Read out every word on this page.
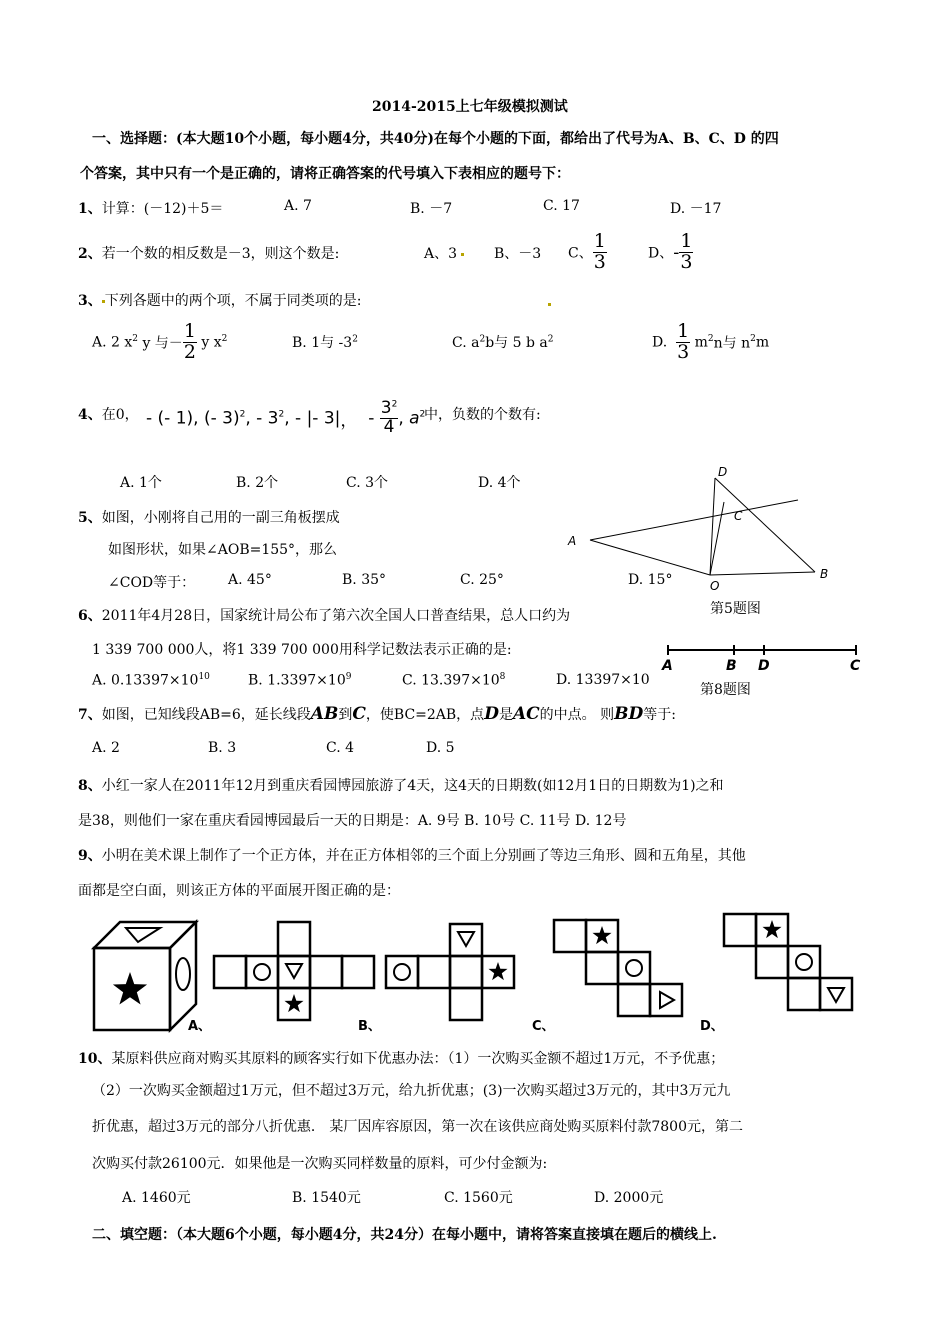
2014-2015上七年级模拟测试
一、选择题：(本大题10个小题，每小题4分，共40分)在每个小题的下面，都给出了代号为A、B、C、D 的四
个答案，其中只有一个是正确的，请将正确答案的代号填入下表相应的题号下：
1、计算：(－12)＋5＝	A. 7	B. －7	C. 17	D. －17
2、若一个数的相反数是－3，则这个数是:	A、3	B、－3 C、 $\frac{1}{3}$	D、- $\frac{1}{3}$
3、 下列各题中的两个项，不属于同类项的是:
A. 2 $x^2$ y 与－ $\frac{1}{2}$ y $x^2$	B. 1与 $-3^2$	C. $a^2b$与 5 b $a^2$	D. $\frac{1}{3} m^2n$与 $n^2m$
4、在0， - (- 1), (- 3)$^2$, - $3^2$, - |- 3|， - $\frac{3^2}{4}$ , $a^2$
中，负数的个数有:
A. 1个	B. 2个	C. 3个	D. 4个
5、如图，小刚将自己用的一副三角板摆成
如图形状，如果∠AOB=155°，那么
∠COD等于： A. 45°	B. 35°	C. 25°	D. 15°
D
C
A
O
B
第5题图
6、2011年4月28日，国家统计局公布了第六次全国人口普查结果，总人口约为
1 339 700 000人，将1 339 700 000用科学记数法表示正确的是:
A. $0.13397\times 10^{10}$	B. $1.3397\times 10^9$	C. $13.397\times 10^8$	D. 13397×10
A	B D	C
第8题图
7、如图，已知线段AB=6，延长线段AB到C，使BC=2AB，点D是AC的中点。 则BD等于:
A. 2	B. 3	C. 4	D. 5
8、小红一家人在2011年12月到重庆看园博园旅游了4天，这4天的日期数(如12月1日的日期数为1)之和
是38，则他们一家在重庆看园博园最后一天的日期是：A. 9号 B. 10号 C. 11号 D. 12号
9、小明在美术课上制作了一个正方体，并在正方体相邻的三个面上分别画了等边三角形、圆和五角星，其他
面都是空白面，则该正方体的平面展开图正确的是：
A、	B、	C、	D、
10、某原料供应商对购买其原料的顾客实行如下优惠办法：（1）一次购买金额不超过1万元，不予优惠；
（2）一次购买金额超过1万元，但不超过3万元，给九折优惠；(3)一次购买超过3万元的，其中3万元九
折优惠，超过3万元的部分八折优惠． 某厂因库容原因，第一次在该供应商处购买原料付款7800元，第二
次购买付款26100元．如果他是一次购买同样数量的原料，可少付金额为:
A. 1460元	B. 1540元	C. 1560元	D. 2000元
二、填空题：（本大题6个小题，每小题4分，共24分）在每小题中，请将答案直接填在题后的横线上.
